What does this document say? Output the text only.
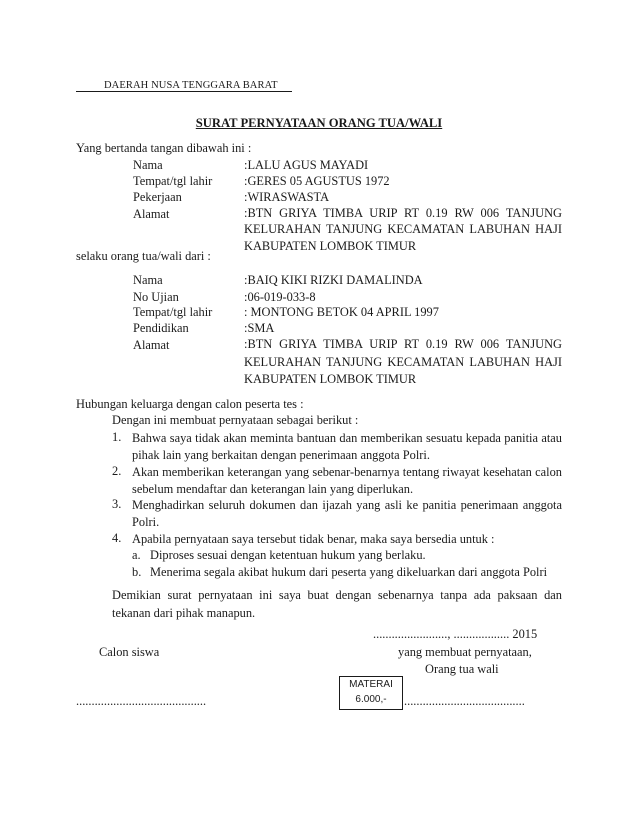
DAERAH NUSA TENGGARA BARAT
SURAT PERNYATAAN ORANG TUA/WALI
Yang bertanda tangan dibawah ini :
Nama	:LALU AGUS MAYADI
Tempat/tgl lahir	:GERES 05 AGUSTUS 1972
Pekerjaan	:WIRASWASTA
Alamat	:BTN GRIYA TIMBA URIP RT 0.19 RW 006 TANJUNG KELURAHAN TANJUNG KECAMATAN LABUHAN HAJI KABUPATEN LOMBOK TIMUR
selaku orang tua/wali dari :
Nama	:BAIQ KIKI RIZKI DAMALINDA
No Ujian	:06-019-033-8
Tempat/tgl lahir	: MONTONG BETOK 04 APRIL 1997
Pendidikan	:SMA
Alamat	:BTN GRIYA TIMBA URIP RT 0.19 RW 006 TANJUNG KELURAHAN TANJUNG KECAMATAN LABUHAN HAJI KABUPATEN LOMBOK TIMUR
Hubungan keluarga dengan calon peserta tes :
Dengan ini membuat pernyataan sebagai berikut :
1. Bahwa saya tidak akan meminta bantuan dan memberikan sesuatu kepada panitia atau pihak lain yang berkaitan dengan penerimaan anggota Polri.
2. Akan memberikan keterangan yang sebenar-benarnya tentang riwayat kesehatan calon sebelum mendaftar dan keterangan lain yang diperlukan.
3. Menghadirkan seluruh dokumen dan ijazah yang asli ke panitia penerimaan anggota Polri.
4. Apabila pernyataan saya tersebut tidak benar, maka saya bersedia untuk :
a. Diproses sesuai dengan ketentuan hukum yang berlaku.
b. Menerima segala akibat hukum dari peserta yang dikeluarkan dari anggota Polri
Demikian surat pernyataan ini saya buat dengan sebenarnya tanpa ada paksaan dan tekanan dari pihak manapun.
........................, .................. 2015
Calon siswa	yang membuat pernyataan,
Orang tua wali
MATERAI
6.000,-
..........................................	.......................................
